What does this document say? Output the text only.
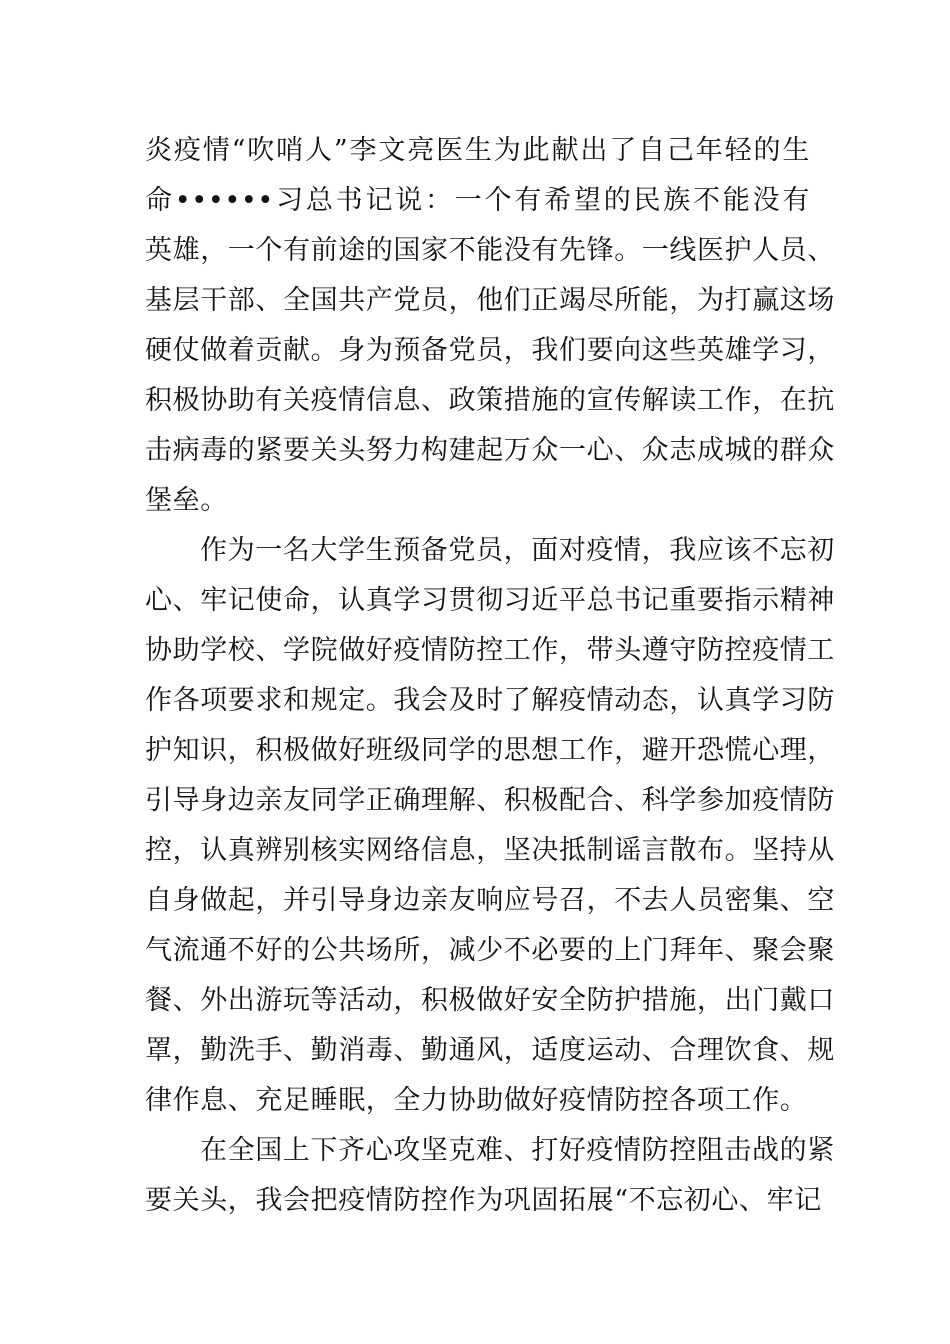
炎疫情“吹哨人”李文亮医生为此献出了自己年轻的生
命••••••习总书记说：一个有希望的民族不能没有
英雄，一个有前途的国家不能没有先锋。一线医护人员、
基层干部、全国共产党员，他们正竭尽所能，为打赢这场
硬仗做着贡献。身为预备党员，我们要向这些英雄学习，
积极协助有关疫情信息、政策措施的宣传解读工作，在抗
击病毒的紧要关头努力构建起万众一心、众志成城的群众
堡垒。
作为一名大学生预备党员，面对疫情，我应该不忘初
心、牢记使命，认真学习贯彻习近平总书记重要指示精神
协助学校、学院做好疫情防控工作，带头遵守防控疫情工
作各项要求和规定。我会及时了解疫情动态，认真学习防
护知识，积极做好班级同学的思想工作，避开恐慌心理，
引导身边亲友同学正确理解、积极配合、科学参加疫情防
控，认真辨别核实网络信息，坚决抵制谣言散布。坚持从
自身做起，并引导身边亲友响应号召，不去人员密集、空
气流通不好的公共场所，减少不必要的上门拜年、聚会聚
餐、外出游玩等活动，积极做好安全防护措施，出门戴口
罩，勤洗手、勤消毒、勤通风，适度运动、合理饮食、规
律作息、充足睡眠，全力协助做好疫情防控各项工作。
在全国上下齐心攻坚克难、打好疫情防控阻击战的紧
要关头，我会把疫情防控作为巩固拓展“不忘初心、牢记
